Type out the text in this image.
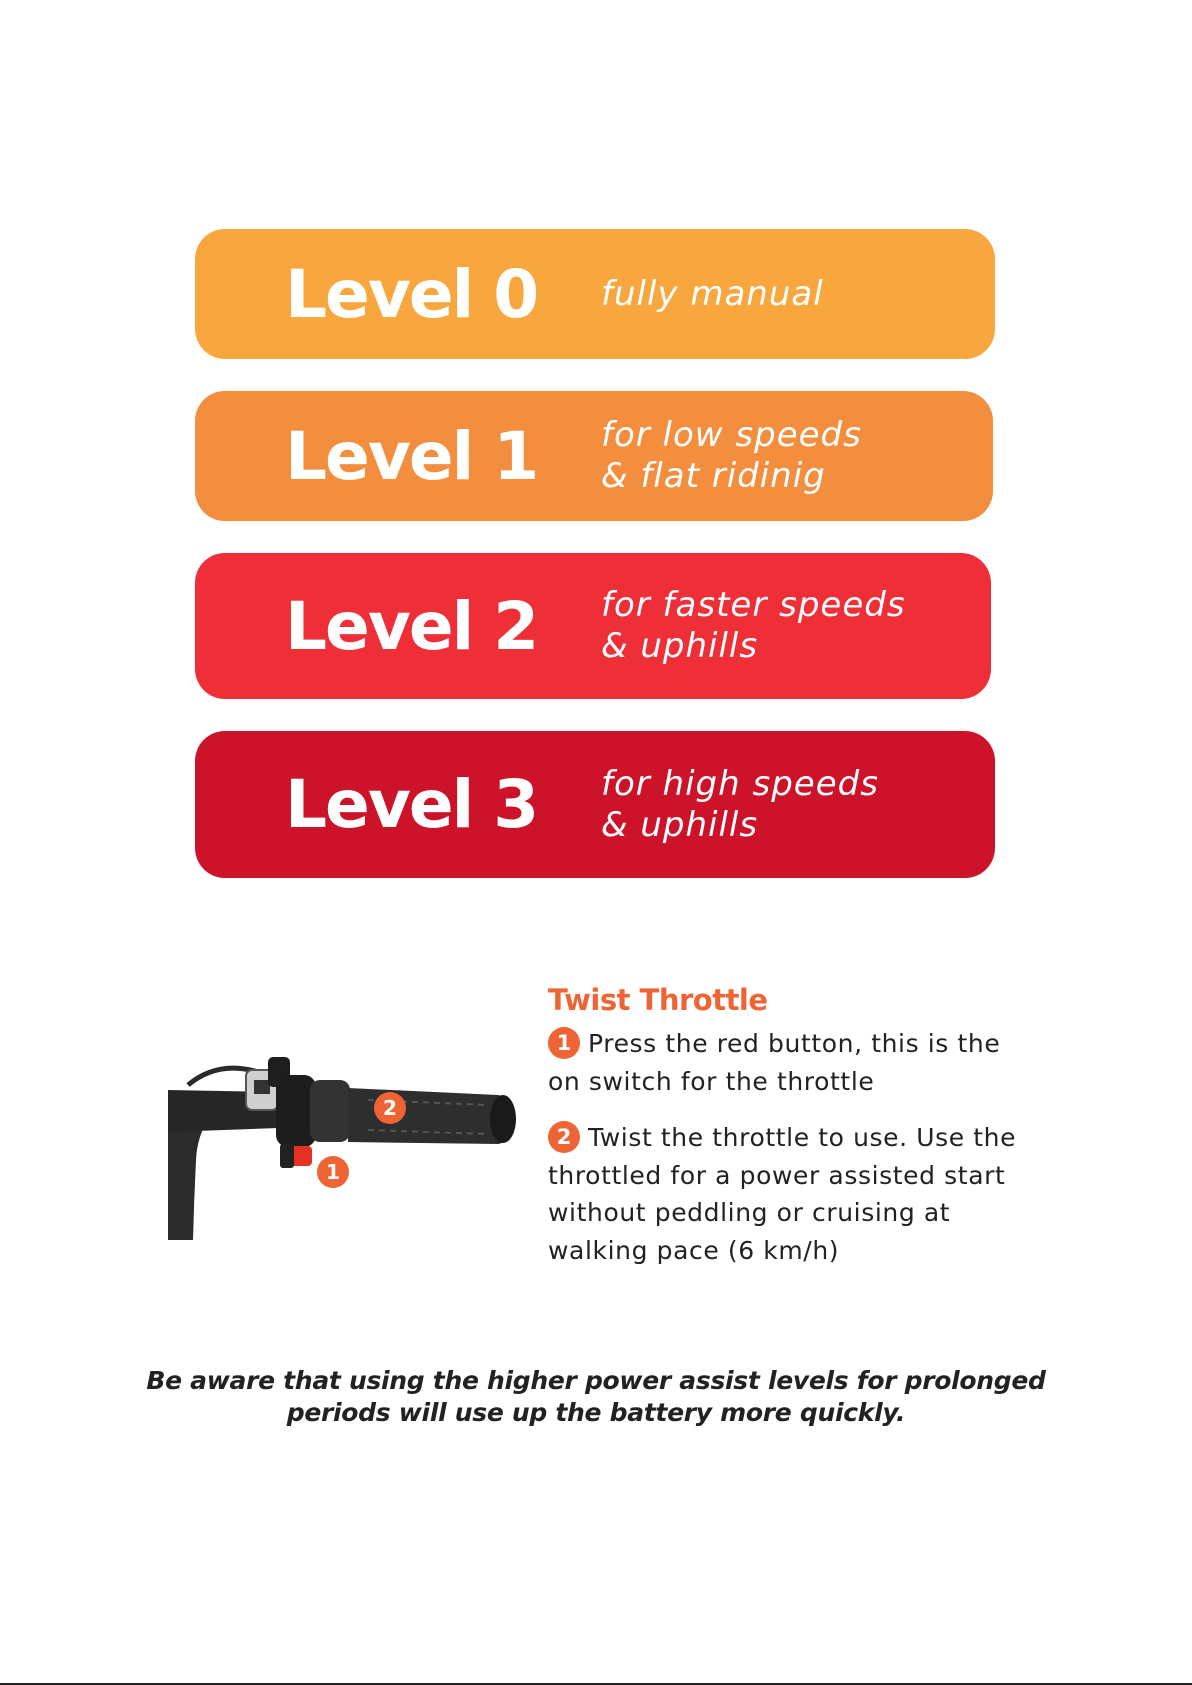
Level 0 fully manual
Level 1 for low speeds
& flat ridinig
Level 2 for faster speeds
& uphills
Level 3 for high speeds
& uphills
2
1
Twist Throttle
1 Press the red button, this is the on switch for the throttle
2 Twist the throttle to use. Use the throttled for a power assisted start without peddling or cruising at walking pace (6 km/h)
Be aware that using the higher power assist levels for prolonged
periods will use up the battery more quickly.
